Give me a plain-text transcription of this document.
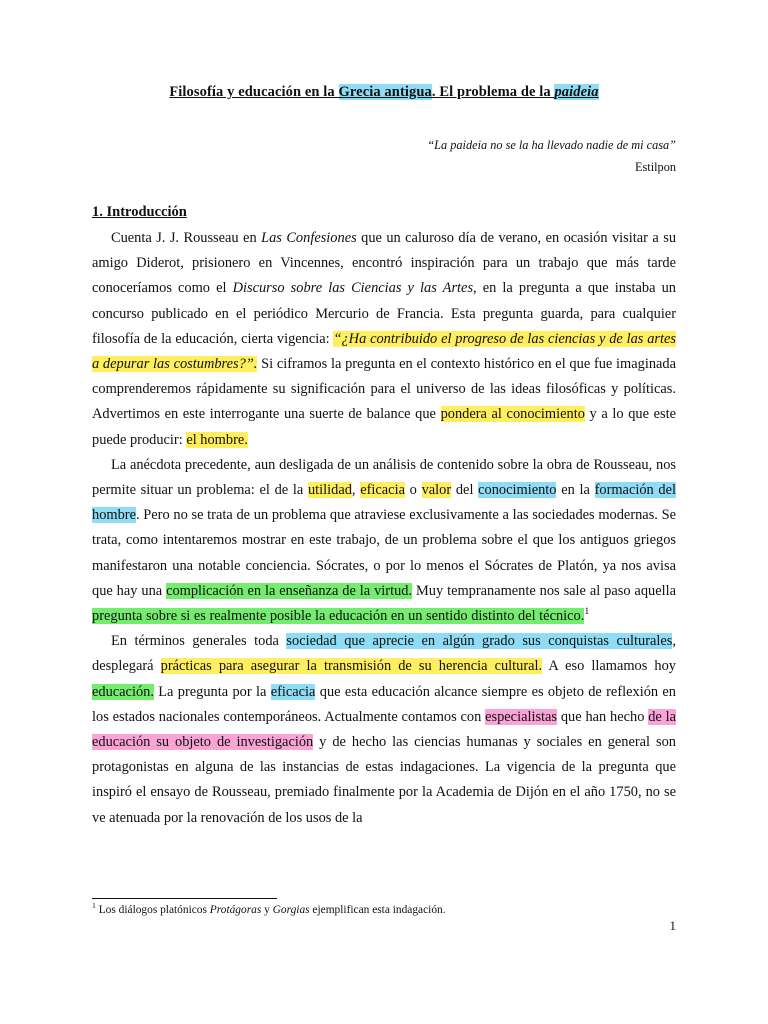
Filosofía y educación en la Grecia antigua. El problema de la paideia
“La paideia no se la ha llevado nadie de mi casa”
Estilpon
1. Introducción

Cuenta J. J. Rousseau en Las Confesiones que un caluroso día de verano, en ocasión visitar a su amigo Diderot, prisionero en Vincennes, encontró inspiración para un trabajo que más tarde conoceríamos como el Discurso sobre las Ciencias y las Artes, en la pregunta a que instaba un concurso publicado en el periódico Mercurio de Francia. Esta pregunta guarda, para cualquier filosofía de la educación, cierta vigencia: “¿Ha contribuido el progreso de las ciencias y de las artes a depurar las costumbres?”. Si ciframos la pregunta en el contexto histórico en el que fue imaginada comprenderemos rápidamente su significación para el universo de las ideas filosóficas y políticas. Advertimos en este interrogante una suerte de balance que pondera al conocimiento y a lo que este puede producir: el hombre.

La anécdota precedente, aun desligada de un análisis de contenido sobre la obra de Rousseau, nos permite situar un problema: el de la utilidad, eficacia o valor del conocimiento en la formación del hombre. Pero no se trata de un problema que atraviese exclusivamente a las sociedades modernas. Se trata, como intentaremos mostrar en este trabajo, de un problema sobre el que los antiguos griegos manifestaron una notable conciencia. Sócrates, o por lo menos el Sócrates de Platón, ya nos avisa que hay una complicación en la enseñanza de la virtud. Muy tempranamente nos sale al paso aquella pregunta sobre si es realmente posible la educación en un sentido distinto del técnico.$^1$

En términos generales toda sociedad que aprecie en algún grado sus conquistas culturales, desplegará prácticas para asegurar la transmisión de su herencia cultural. A eso llamamos hoy educación. La pregunta por la eficacia que esta educación alcance siempre es objeto de reflexión en los estados nacionales contemporáneos. Actualmente contamos con especialistas que han hecho de la educación su objeto de investigación y de hecho las ciencias humanas y sociales en general son protagonistas en alguna de las instancias de estas indagaciones. La vigencia de la pregunta que inspiró el ensayo de Rousseau, premiado finalmente por la Academia de Dijón en el año 1750, no se ve atenuada por la renovación de los usos de la

$^1$ Los diálogos platónicos Protágoras y Gorgias ejemplifican esta indagación.
1
